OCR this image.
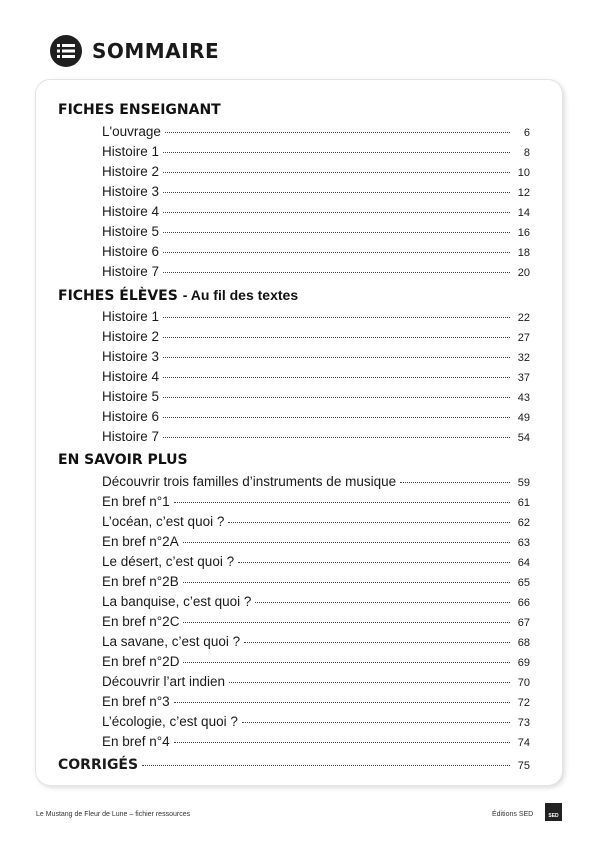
SOMMAIRE
FICHES ENSEIGNANT
L'ouvrage	6
Histoire 1	8
Histoire 2	10
Histoire 3	12
Histoire 4	14
Histoire 5	16
Histoire 6	18
Histoire 7	20
FICHES ÉLÈVES - Au fil des textes
Histoire 1	22
Histoire 2	27
Histoire 3	32
Histoire 4	37
Histoire 5	43
Histoire 6	49
Histoire 7	54
EN SAVOIR PLUS
Découvrir trois familles d’instruments de musique	59
En bref n°1	61
L’océan, c’est quoi ?	62
En bref n°2A	63
Le désert, c’est quoi ?	64
En bref n°2B	65
La banquise, c’est quoi ?	66
En bref n°2C	67
La savane, c’est quoi ?	68
En bref n°2D	69
Découvrir l’art indien	70
En bref n°3	72
L’écologie, c’est quoi ?	73
En bref n°4	74
CORRIGÉS	75
Le Mustang de Fleur de Lune – fichier ressources	Éditions SED	SED
